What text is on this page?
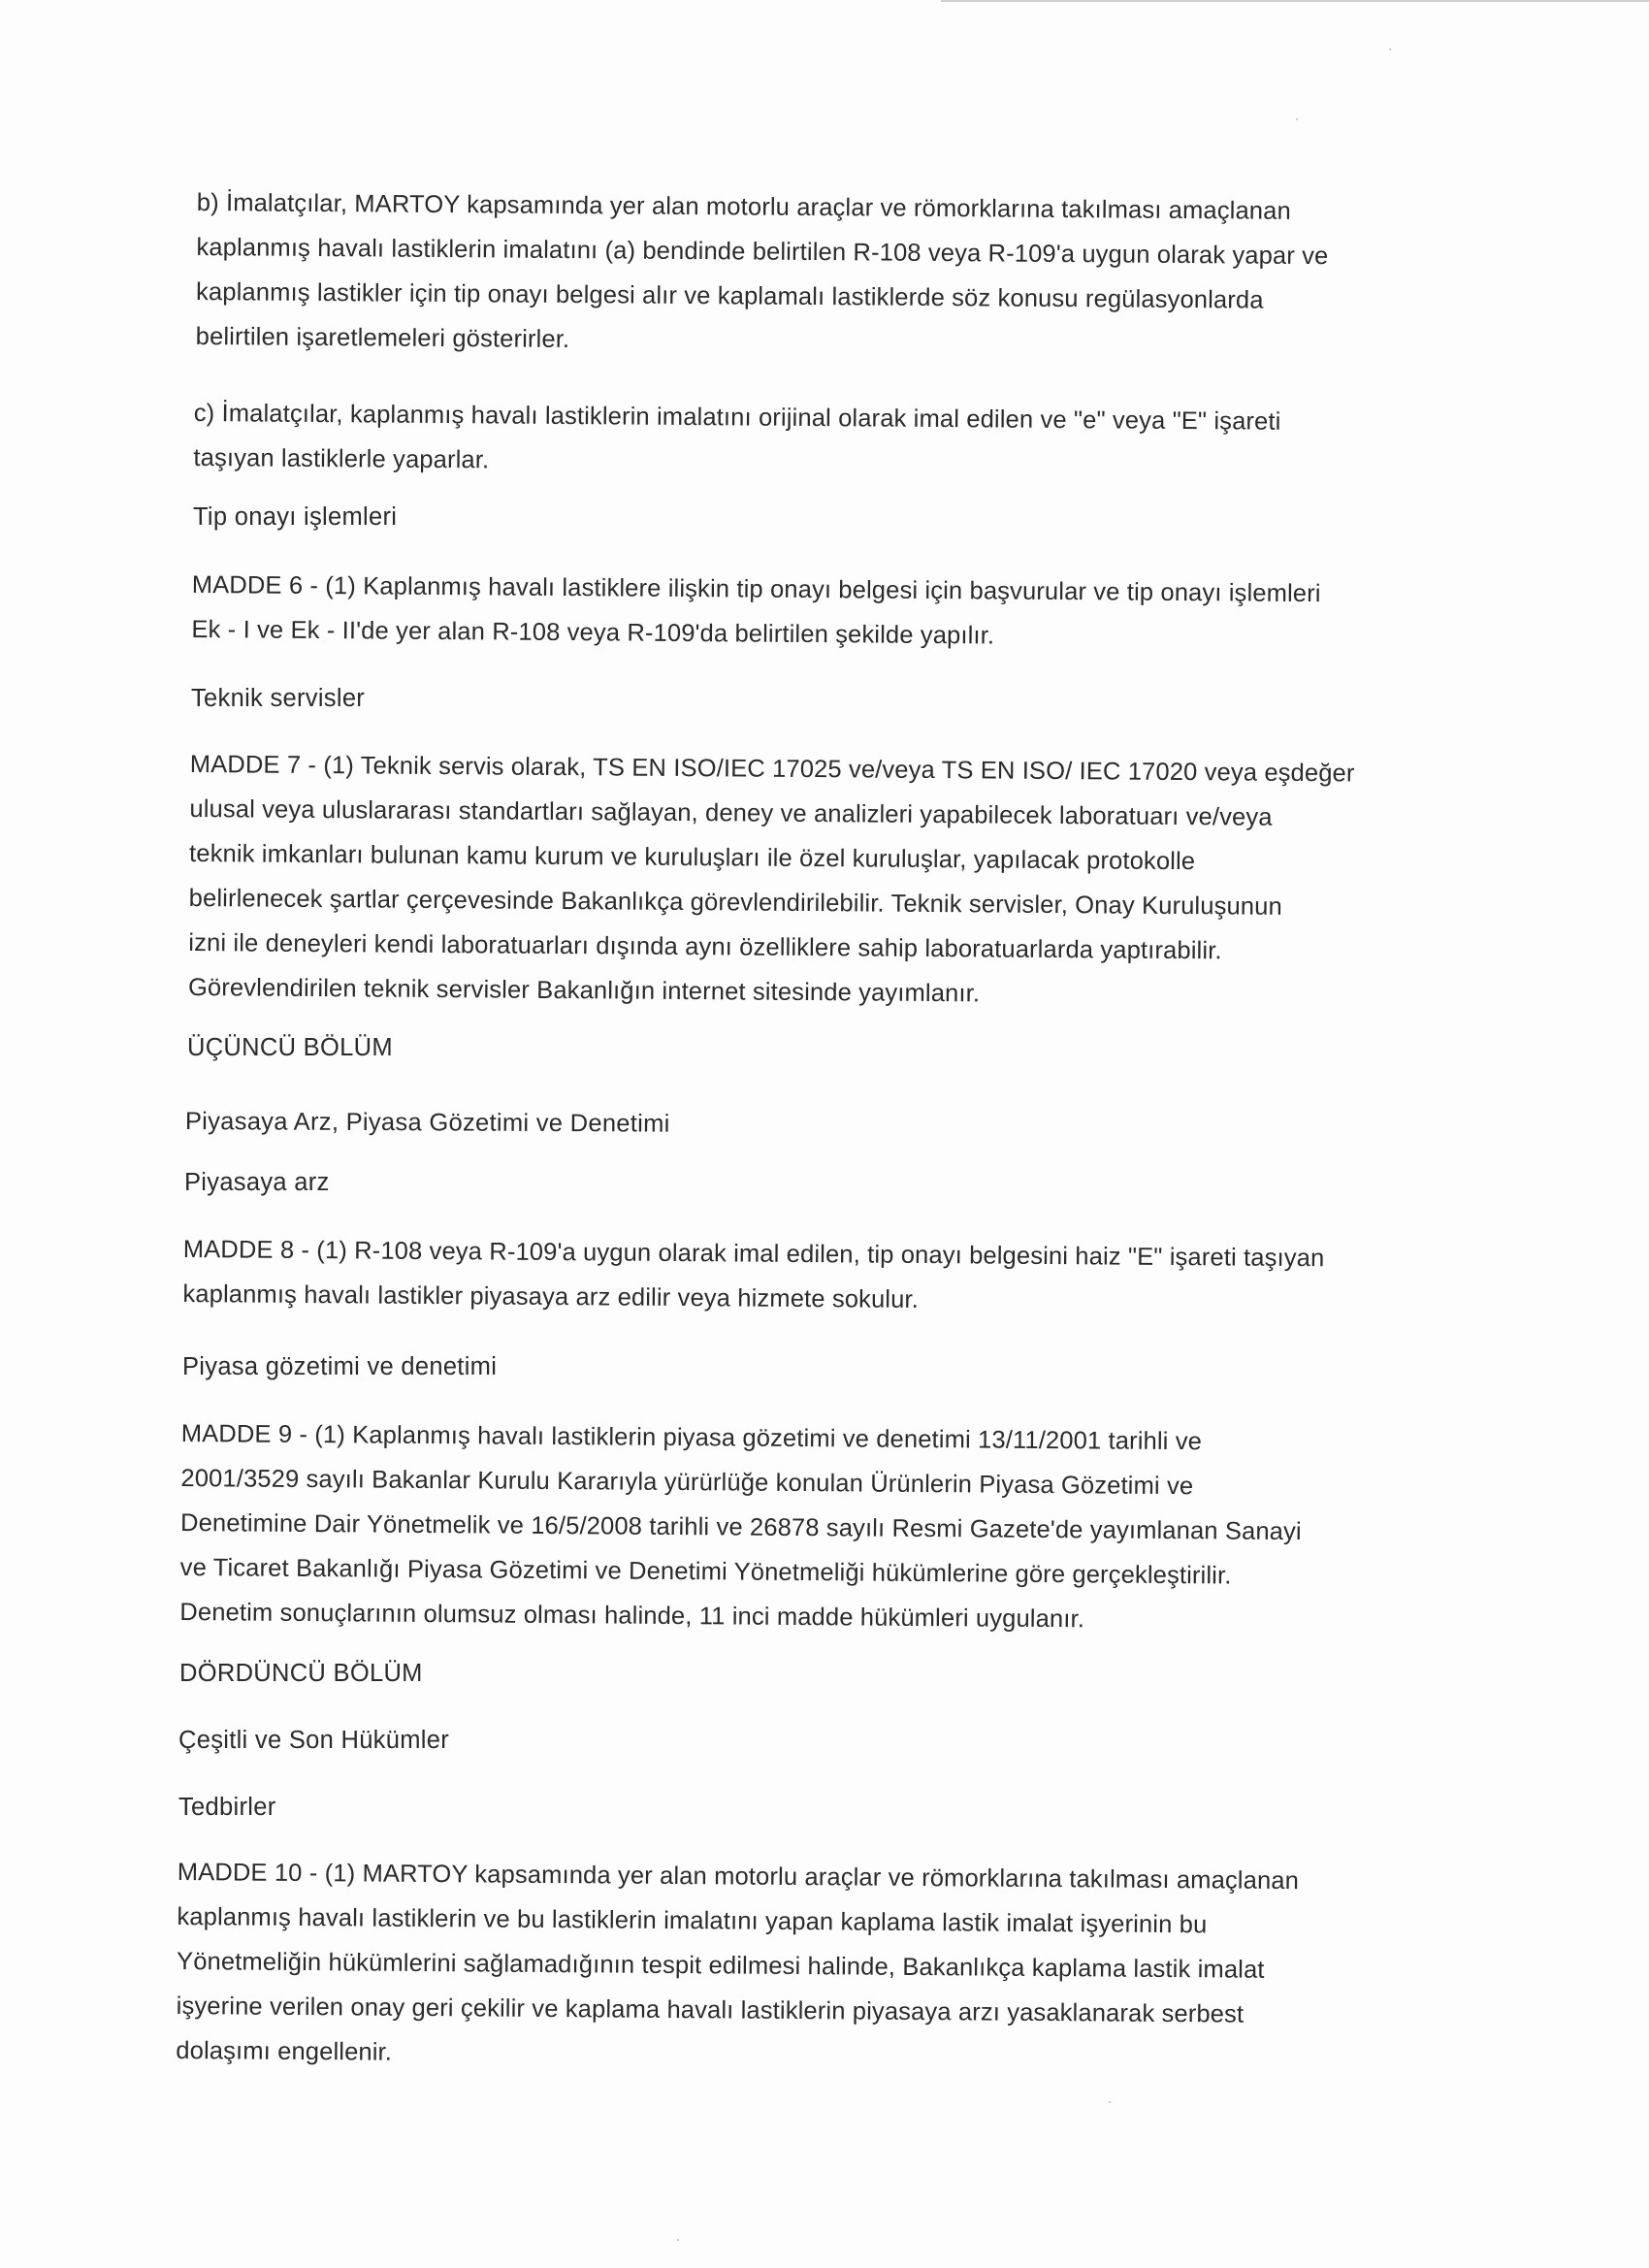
b) İmalatçılar, MARTOY kapsamında yer alan motorlu araçlar ve römorklarına takılması amaçlanan
kaplanmış havalı lastiklerin imalatını (a) bendinde belirtilen R-108 veya R-109'a uygun olarak yapar ve
kaplanmış lastikler için tip onayı belgesi alır ve kaplamalı lastiklerde söz konusu regülasyonlarda
belirtilen işaretlemeleri gösterirler.

c) İmalatçılar, kaplanmış havalı lastiklerin imalatını orijinal olarak imal edilen ve "e" veya "E" işareti
taşıyan lastiklerle yaparlar.

Tip onayı işlemleri

MADDE 6 - (1) Kaplanmış havalı lastiklere ilişkin tip onayı belgesi için başvurular ve tip onayı işlemleri
Ek - I ve Ek - II'de yer alan R-108 veya R-109'da belirtilen şekilde yapılır.

Teknik servisler

MADDE 7 - (1) Teknik servis olarak, TS EN ISO/IEC 17025 ve/veya TS EN ISO/ IEC 17020 veya eşdeğer
ulusal veya uluslararası standartları sağlayan, deney ve analizleri yapabilecek laboratuarı ve/veya
teknik imkanları bulunan kamu kurum ve kuruluşları ile özel kuruluşlar, yapılacak protokolle
belirlenecek şartlar çerçevesinde Bakanlıkça görevlendirilebilir. Teknik servisler, Onay Kuruluşunun
izni ile deneyleri kendi laboratuarları dışında aynı özelliklere sahip laboratuarlarda yaptırabilir.
Görevlendirilen teknik servisler Bakanlığın internet sitesinde yayımlanır.

ÜÇÜNCÜ BÖLÜM

Piyasaya Arz, Piyasa Gözetimi ve Denetimi

Piyasaya arz

MADDE 8 - (1) R-108 veya R-109'a uygun olarak imal edilen, tip onayı belgesini haiz "E" işareti taşıyan
kaplanmış havalı lastikler piyasaya arz edilir veya hizmete sokulur.

Piyasa gözetimi ve denetimi

MADDE 9 - (1) Kaplanmış havalı lastiklerin piyasa gözetimi ve denetimi 13/11/2001 tarihli ve
2001/3529 sayılı Bakanlar Kurulu Kararıyla yürürlüğe konulan Ürünlerin Piyasa Gözetimi ve
Denetimine Dair Yönetmelik ve 16/5/2008 tarihli ve 26878 sayılı Resmi Gazete'de yayımlanan Sanayi
ve Ticaret Bakanlığı Piyasa Gözetimi ve Denetimi Yönetmeliği hükümlerine göre gerçekleştirilir.
Denetim sonuçlarının olumsuz olması halinde, 11 inci madde hükümleri uygulanır.

DÖRDÜNCÜ BÖLÜM

Çeşitli ve Son Hükümler

Tedbirler

MADDE 10 - (1) MARTOY kapsamında yer alan motorlu araçlar ve römorklarına takılması amaçlanan
kaplanmış havalı lastiklerin ve bu lastiklerin imalatını yapan kaplama lastik imalat işyerinin bu
Yönetmeliğin hükümlerini sağlamadığının tespit edilmesi halinde, Bakanlıkça kaplama lastik imalat
işyerine verilen onay geri çekilir ve kaplama havalı lastiklerin piyasaya arzı yasaklanarak serbest
dolaşımı engellenir.
